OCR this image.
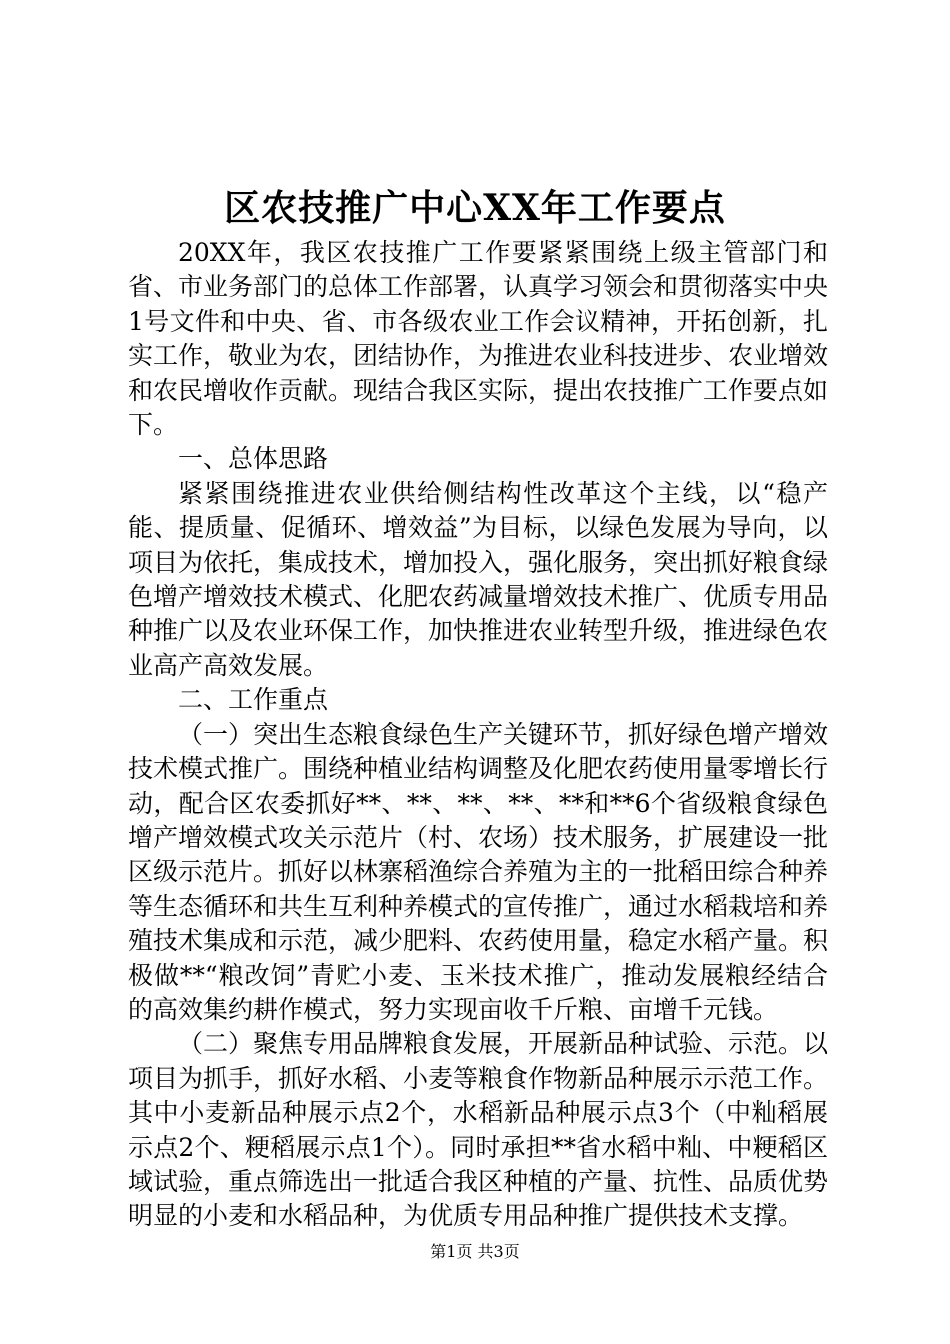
区农技推广中心XX年工作要点

20XX年，我区农技推广工作要紧紧围绕上级主管部门和省、市业务部门的总体工作部署，认真学习领会和贯彻落实中央1号文件和中央、省、市各级农业工作会议精神，开拓创新，扎实工作，敬业为农，团结协作，为推进农业科技进步、农业增效和农民增收作贡献。现结合我区实际，提出农技推广工作要点如下。

一、总体思路

紧紧围绕推进农业供给侧结构性改革这个主线，以“稳产能、提质量、促循环、增效益”为目标，以绿色发展为导向，以项目为依托，集成技术，增加投入，强化服务，突出抓好粮食绿色增产增效技术模式、化肥农药减量增效技术推广、优质专用品种推广以及农业环保工作，加快推进农业转型升级，推进绿色农业高产高效发展。

二、工作重点

（一）突出生态粮食绿色生产关键环节，抓好绿色增产增效技术模式推广。围绕种植业结构调整及化肥农药使用量零增长行动，配合区农委抓好**、**、**、**、**和**6个省级粮食绿色增产增效模式攻关示范片（村、农场）技术服务，扩展建设一批区级示范片。抓好以林寨稻渔综合养殖为主的一批稻田综合种养等生态循环和共生互利种养模式的宣传推广，通过水稻栽培和养殖技术集成和示范，减少肥料、农药使用量，稳定水稻产量。积极做**“粮改饲”青贮小麦、玉米技术推广，推动发展粮经结合的高效集约耕作模式，努力实现亩收千斤粮、亩增千元钱。

（二）聚焦专用品牌粮食发展，开展新品种试验、示范。以项目为抓手，抓好水稻、小麦等粮食作物新品种展示示范工作。其中小麦新品种展示点2个，水稻新品种展示点3个（中籼稻展示点2个、粳稻展示点1个）。同时承担**省水稻中籼、中粳稻区域试验，重点筛选出一批适合我区种植的产量、抗性、品质优势明显的小麦和水稻品种，为优质专用品种推广提供技术支撑。

第1页 共3页
